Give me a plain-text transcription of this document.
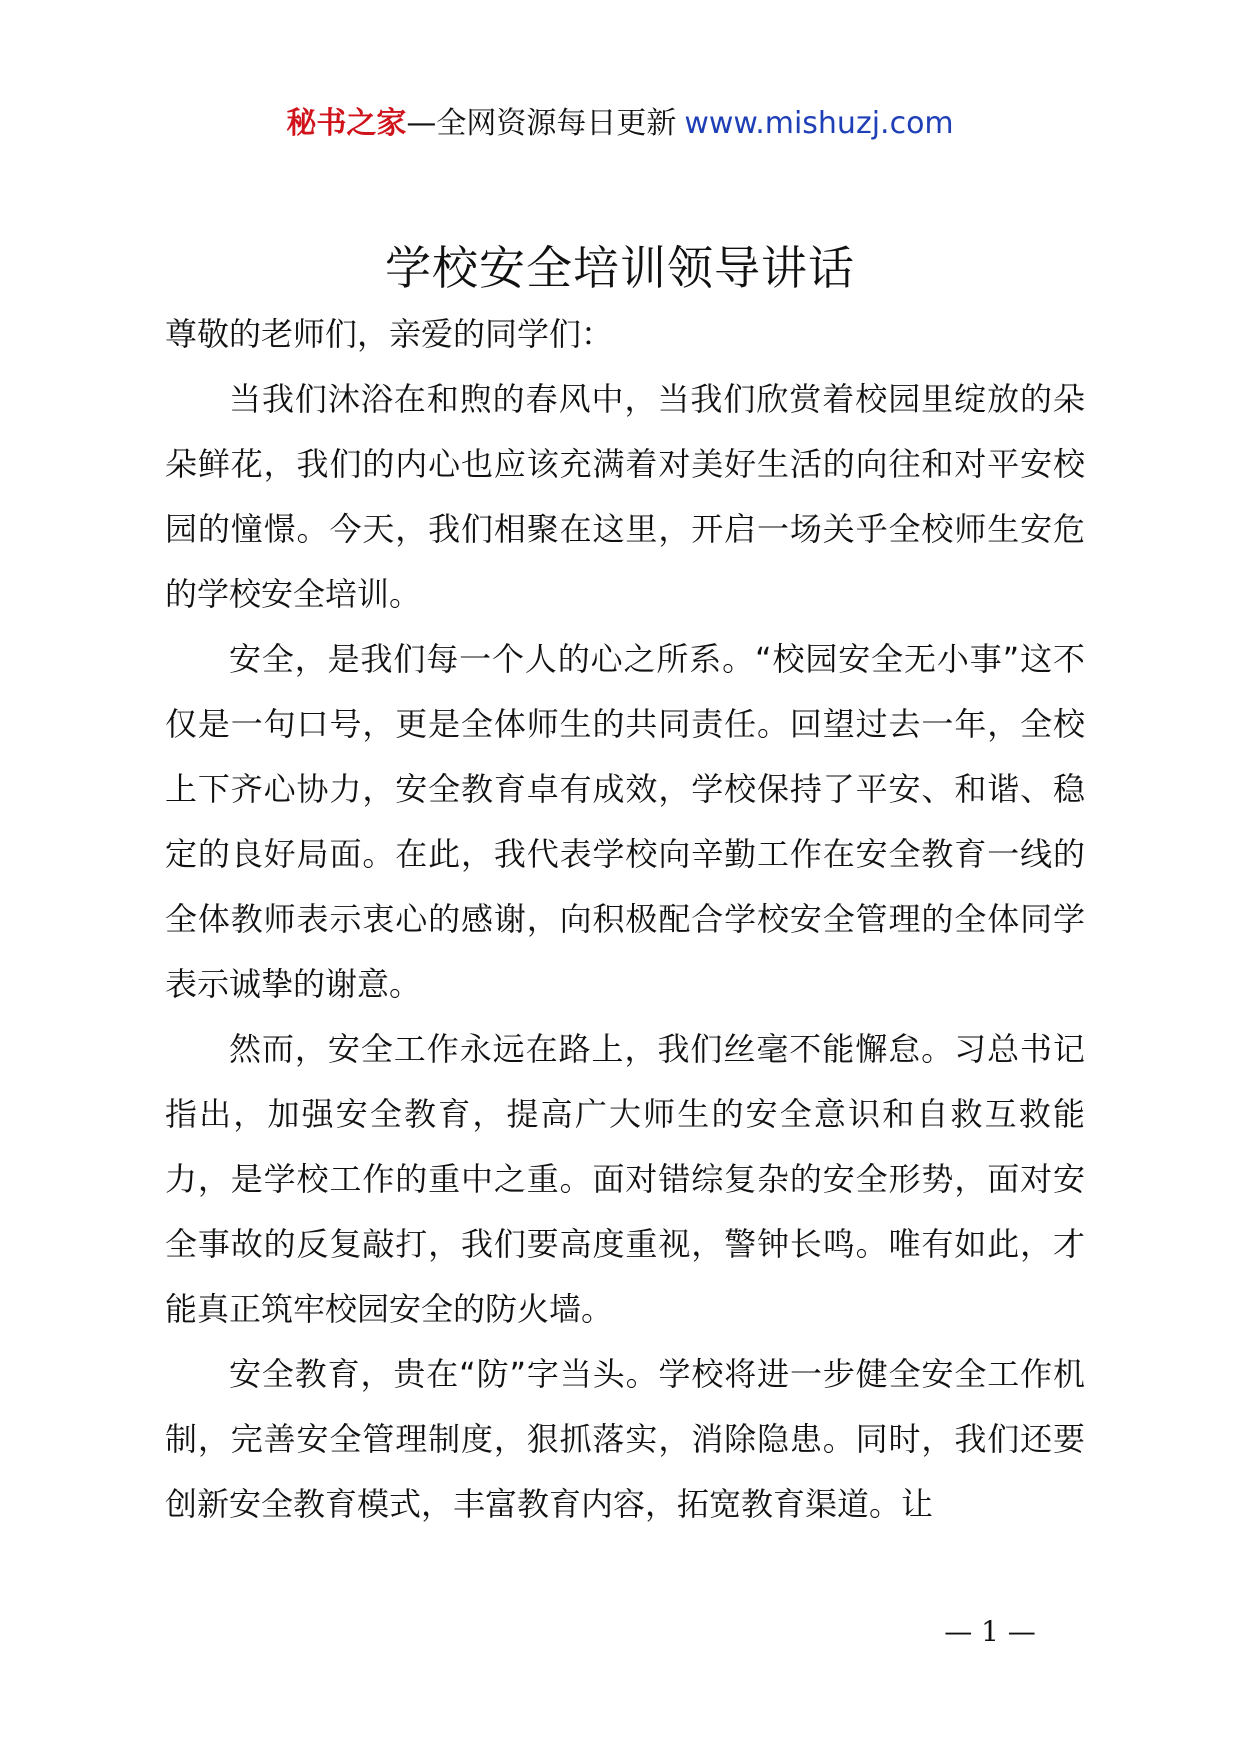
秘书之家—全网资源每日更新 www.mishuzj.com
学校安全培训领导讲话

尊敬的老师们，亲爱的同学们：

当我们沐浴在和煦的春风中，当我们欣赏着校园里绽放的朵朵鲜花，我们的内心也应该充满着对美好生活的向往和对平安校园的憧憬。今天，我们相聚在这里，开启一场关乎全校师生安危的学校安全培训。

安全，是我们每一个人的心之所系。“校园安全无小事”这不仅是一句口号，更是全体师生的共同责任。回望过去一年，全校上下齐心协力，安全教育卓有成效，学校保持了平安、和谐、稳定的良好局面。在此，我代表学校向辛勤工作在安全教育一线的全体教师表示衷心的感谢，向积极配合学校安全管理的全体同学表示诚挚的谢意。

然而，安全工作永远在路上，我们丝毫不能懈怠。习总书记指出，加强安全教育，提高广大师生的安全意识和自救互救能力，是学校工作的重中之重。面对错综复杂的安全形势，面对安全事故的反复敲打，我们要高度重视，警钟长鸣。唯有如此，才能真正筑牢校园安全的防火墙。

安全教育，贵在“防”字当头。学校将进一步健全安全工作机制，完善安全管理制度，狠抓落实，消除隐患。同时，我们还要创新安全教育模式，丰富教育内容，拓宽教育渠道。让

— 1 —
